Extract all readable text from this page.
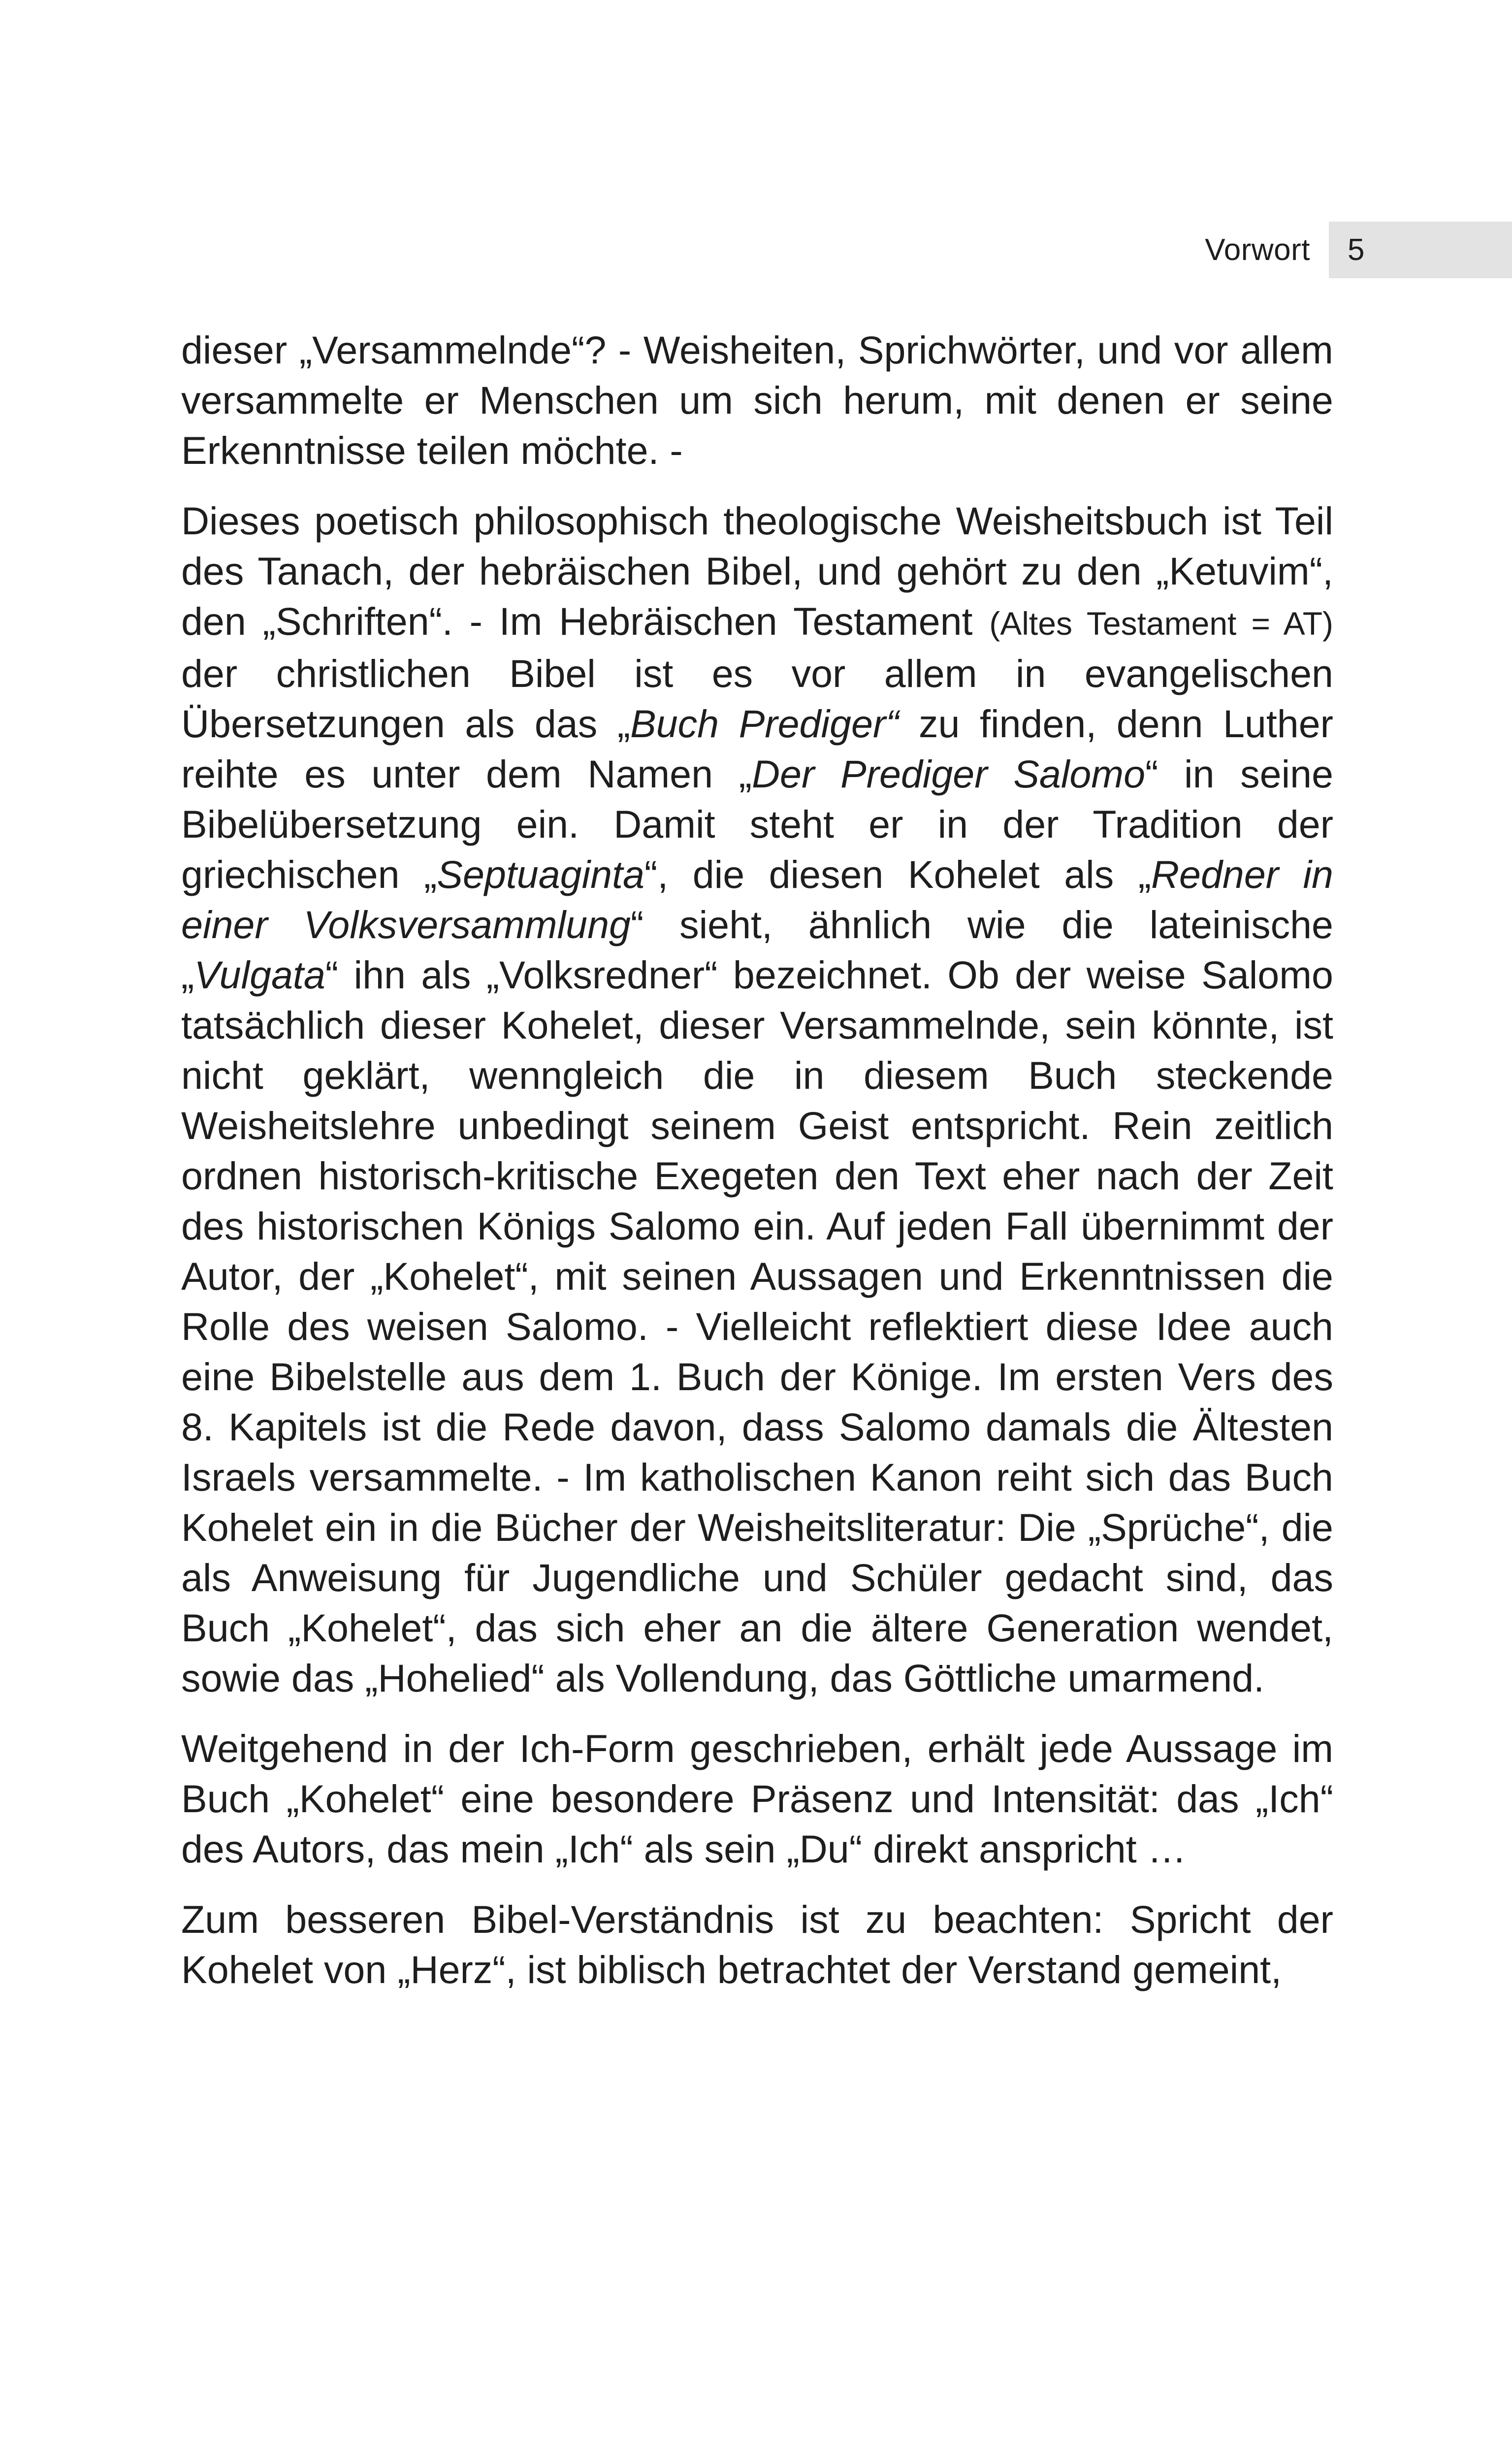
Vorwort	5

dieser „Versammelnde“? - Weisheiten, Sprichwörter, und vor allem versammelte er Menschen um sich herum, mit denen er seine Erkenntnisse teilen möchte. -

Dieses poetisch philosophisch theologische Weisheitsbuch ist Teil des Tanach, der hebräischen Bibel, und gehört zu den „Ketuvim“, den „Schriften“. - Im Hebräischen Testament (Altes Testament = AT) der christlichen Bibel ist es vor allem in evangelischen Übersetzungen als das „Buch Prediger“ zu finden, denn Luther reihte es unter dem Namen „Der Prediger Salomo“ in seine Bibelübersetzung ein. Damit steht er in der Tradition der griechischen „Septuaginta“, die diesen Kohelet als „Redner in einer Volksversammlung“ sieht, ähnlich wie die lateinische „Vulgata“ ihn als „Volksredner“ bezeichnet. Ob der weise Salomo tatsächlich dieser Kohelet, dieser Versammelnde, sein könnte, ist nicht geklärt, wenngleich die in diesem Buch steckende Weisheitslehre unbedingt seinem Geist entspricht. Rein zeitlich ordnen historisch-kritische Exegeten den Text eher nach der Zeit des historischen Königs Salomo ein. Auf jeden Fall übernimmt der Autor, der „Kohelet“, mit seinen Aussagen und Erkenntnissen die Rolle des weisen Salomo. - Vielleicht reflektiert diese Idee auch eine Bibelstelle aus dem 1. Buch der Könige. Im ersten Vers des 8. Kapitels ist die Rede davon, dass Salomo damals die Ältesten Israels versammelte. - Im katholischen Kanon reiht sich das Buch Kohelet ein in die Bücher der Weisheitsliteratur: Die „Sprüche“, die als Anweisung für Jugendliche und Schüler gedacht sind, das Buch „Kohelet“, das sich eher an die ältere Generation wendet, sowie das „Hohelied“ als Vollendung, das Göttliche umarmend.

Weitgehend in der Ich-Form geschrieben, erhält jede Aussage im Buch „Kohelet“ eine besondere Präsenz und Intensität: das „Ich“ des Autors, das mein „Ich“ als sein „Du“ direkt anspricht …

Zum besseren Bibel-Verständnis ist zu beachten: Spricht der Kohelet von „Herz“, ist biblisch betrachtet der Verstand gemeint,
